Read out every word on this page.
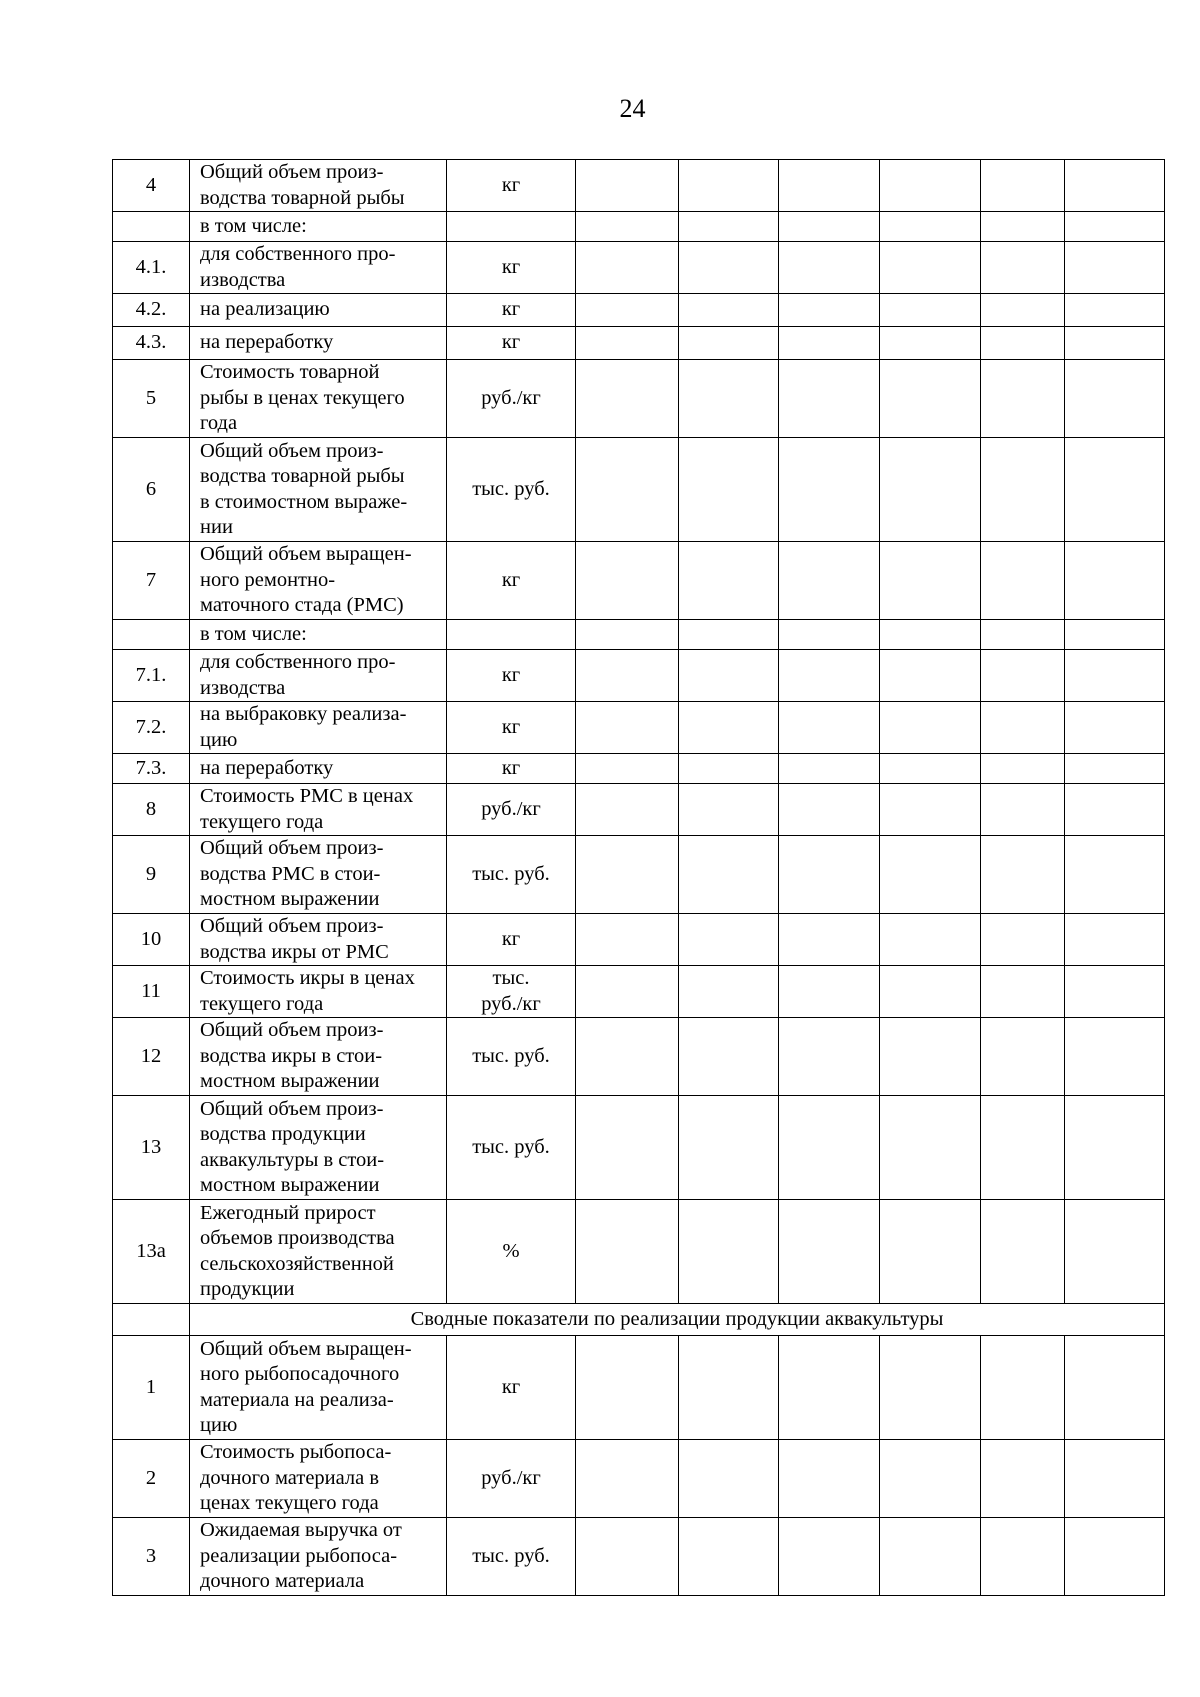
24
4	Общий объем произ-
водства товарной рыбы	кг						
	в том числе:							
4.1.	для собственного про-
изводства	кг						
4.2.	на реализацию	кг						
4.3.	на переработку	кг						
5	Стоимость товарной
рыбы в ценах текущего
года	руб./кг						
6	Общий объем произ-
водства товарной рыбы
в стоимостном выраже-
нии	тыс. руб.						
7	Общий объем выращен-
ного ремонтно-
маточного стада (РМС)	кг						
	в том числе:							
7.1.	для собственного про-
изводства	кг						
7.2.	на выбраковку реализа-
цию	кг						
7.3.	на переработку	кг						
8	Стоимость РМС в ценах
текущего года	руб./кг						
9	Общий объем произ-
водства РМС в стои-
мостном выражении	тыс. руб.						
10	Общий объем произ-
водства икры от РМС	кг						
11	Стоимость икры в ценах
текущего года	тыс.
руб./кг						
12	Общий объем произ-
водства икры в стои-
мостном выражении	тыс. руб.						
13	Общий объем произ-
водства продукции
аквакультуры в стои-
мостном выражении	тыс. руб.						
13а	Ежегодный прирост
объемов производства
сельскохозяйственной
продукции	%						
	Сводные показатели по реализации продукции аквакультуры							
1	Общий объем выращен-
ного рыбопосадочного
материала на реализа-
цию	кг						
2	Стоимость рыбопоса-
дочного материала в
ценах текущего года	руб./кг						
3	Ожидаемая выручка от
реализации рыбопоса-
дочного материала	тыс. руб.						
